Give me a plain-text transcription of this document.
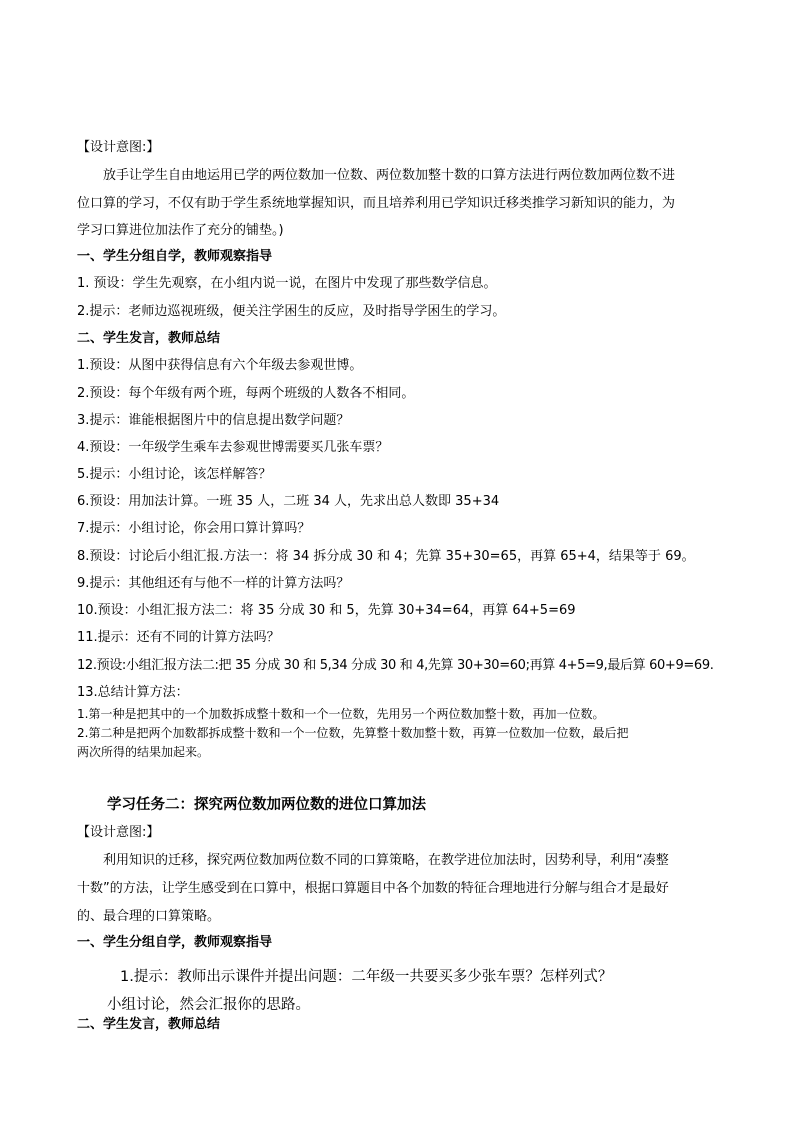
【设计意图:】
放手让学生自由地运用已学的两位数加一位数、两位数加整十数的口算方法进行两位数加两位数不进
位口算的学习，不仅有助于学生系统地掌握知识，而且培养利用已学知识迁移类推学习新知识的能力，为
学习口算进位加法作了充分的铺垫。)
一、学生分组自学，教师观察指导
1. 预设：学生先观察，在小组内说一说，在图片中发现了那些数学信息。
2.提示：老师边巡视班级，便关注学困生的反应，及时指导学困生的学习。
二、学生发言，教师总结
1.预设：从图中获得信息有六个年级去参观世博。
2.预设：每个年级有两个班，每两个班级的人数各不相同。
3.提示：谁能根据图片中的信息提出数学问题？
4.预设：一年级学生乘车去参观世博需要买几张车票？
5.提示：小组讨论，该怎样解答？
6.预设：用加法计算。一班 35 人，二班 34 人，先求出总人数即 35+34
7.提示：小组讨论，你会用口算计算吗？
8.预设：讨论后小组汇报.方法一：将 34 拆分成 30 和 4；先算 35+30=65，再算 65+4，结果等于 69。
9.提示：其他组还有与他不一样的计算方法吗？
10.预设：小组汇报方法二：将 35 分成 30 和 5，先算 30+34=64，再算 64+5=69
11.提示：还有不同的计算方法吗？
12.预设:小组汇报方法二:把 35 分成 30 和 5,34 分成 30 和 4,先算 30+30=60;再算 4+5=9,最后算 60+9=69.
13.总结计算方法：
1.第一种是把其中的一个加数拆成整十数和一个一位数，先用另一个两位数加整十数，再加一位数。
2.第二种是把两个加数都拆成整十数和一个一位数，先算整十数加整十数，再算一位数加一位数，最后把
两次所得的结果加起来。
学习任务二：探究两位数加两位数的进位口算加法
【设计意图:】
利用知识的迁移，探究两位数加两位数不同的口算策略，在教学进位加法时，因势利导，利用“凑整
十数”的方法，让学生感受到在口算中，根据口算题目中各个加数的特征合理地进行分解与组合才是最好
的、最合理的口算策略。
一、学生分组自学，教师观察指导
1.提示：教师出示课件并提出问题：二年级一共要买多少张车票？怎样列式？
小组讨论，然会汇报你的思路。
二、学生发言，教师总结
